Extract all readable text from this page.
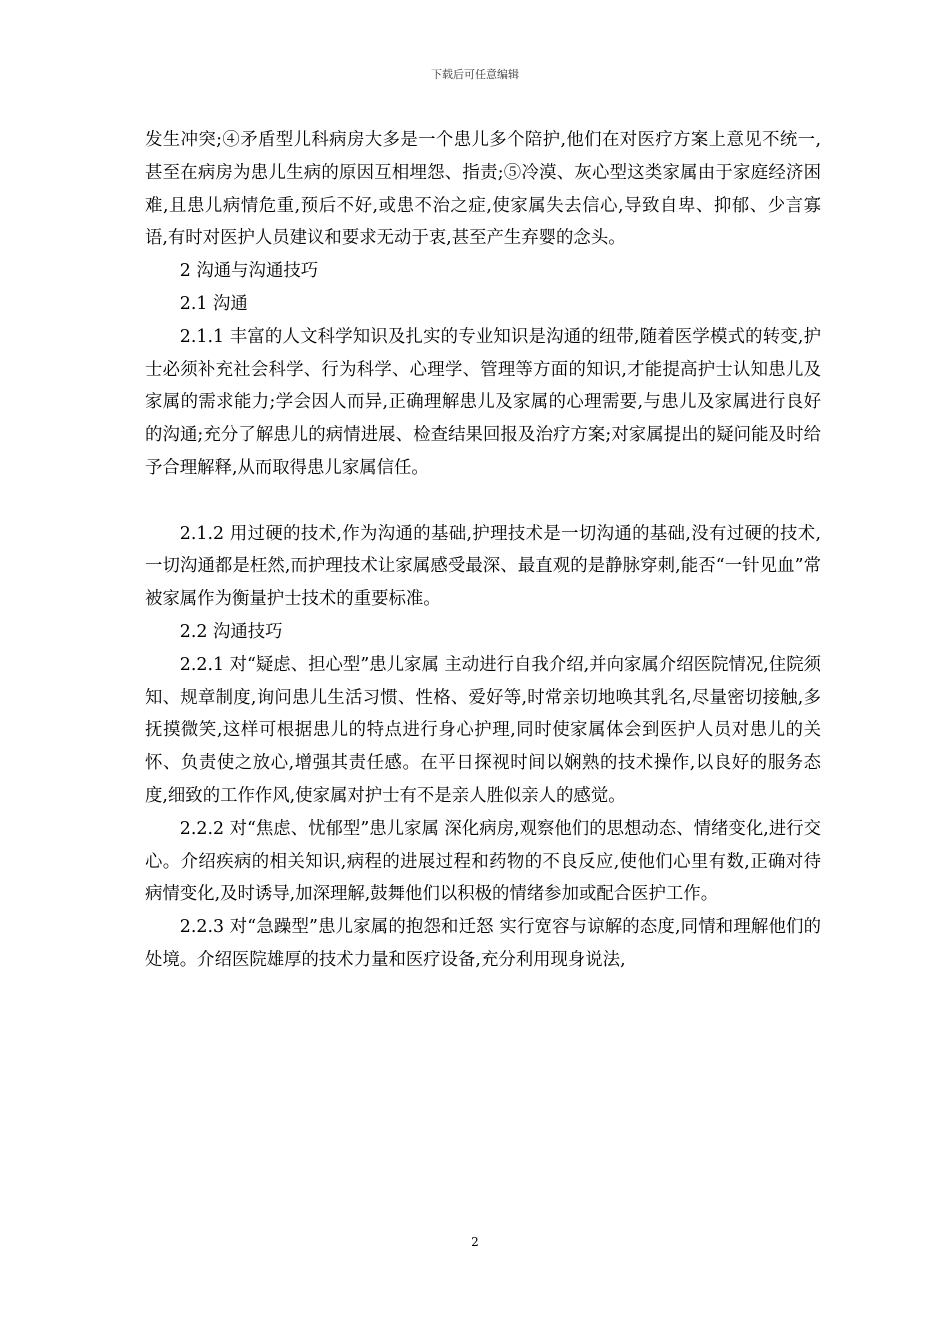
下载后可任意编辑

发生冲突;④矛盾型儿科病房大多是一个患儿多个陪护,他们在对医疗方案上意见不统一,甚至在病房为患儿生病的原因互相埋怨、指责;⑤冷漠、灰心型这类家属由于家庭经济困难,且患儿病情危重,预后不好,或患不治之症,使家属失去信心,导致自卑、抑郁、少言寡语,有时对医护人员建议和要求无动于衷,甚至产生弃婴的念头。

2 沟通与沟通技巧

2.1 沟通

2.1.1 丰富的人文科学知识及扎实的专业知识是沟通的纽带,随着医学模式的转变,护士必须补充社会科学、行为科学、心理学、管理等方面的知识,才能提高护士认知患儿及家属的需求能力;学会因人而异,正确理解患儿及家属的心理需要,与患儿及家属进行良好的沟通;充分了解患儿的病情进展、检查结果回报及治疗方案;对家属提出的疑问能及时给予合理解释,从而取得患儿家属信任。

2.1.2 用过硬的技术,作为沟通的基础,护理技术是一切沟通的基础,没有过硬的技术,一切沟通都是枉然,而护理技术让家属感受最深、最直观的是静脉穿刺,能否“一针见血”常被家属作为衡量护士技术的重要标准。

2.2 沟通技巧

2.2.1 对“疑虑、担心型”患儿家属 主动进行自我介绍,并向家属介绍医院情况,住院须知、规章制度,询问患儿生活习惯、性格、爱好等,时常亲切地唤其乳名,尽量密切接触,多抚摸微笑,这样可根据患儿的特点进行身心护理,同时使家属体会到医护人员对患儿的关怀、负责使之放心,增强其责任感。在平日探视时间以娴熟的技术操作,以良好的服务态度,细致的工作作风,使家属对护士有不是亲人胜似亲人的感觉。

2.2.2 对“焦虑、忧郁型”患儿家属 深化病房,观察他们的思想动态、情绪变化,进行交心。介绍疾病的相关知识,病程的进展过程和药物的不良反应,使他们心里有数,正确对待病情变化,及时诱导,加深理解,鼓舞他们以积极的情绪参加或配合医护工作。

2.2.3 对“急躁型”患儿家属的抱怨和迁怒 实行宽容与谅解的态度,同情和理解他们的处境。介绍医院雄厚的技术力量和医疗设备,充分利用现身说法,

2
